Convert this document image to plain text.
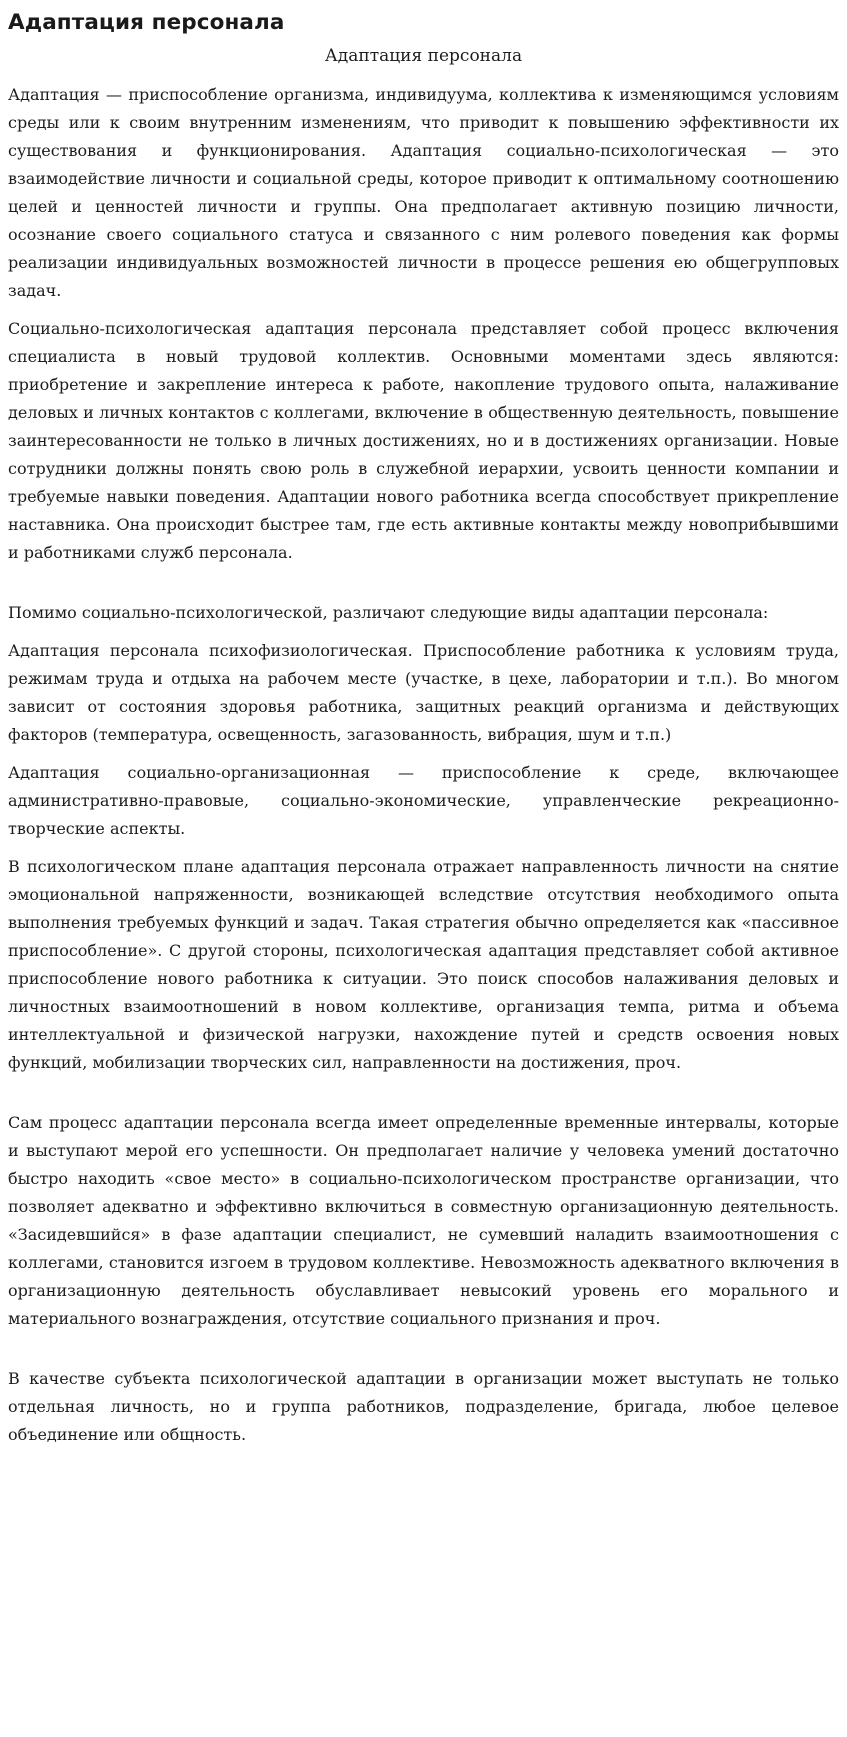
Адаптация персонала
Адаптация персонала

Адаптация — приспособление организма, индивидуума, коллектива к изменяющимся условиям среды или к своим внутренним изменениям, что приводит к повышению эффективности их существования и функционирования. Адаптация социально-психологическая — это взаимодействие личности и социальной среды, которое приводит к оптимальному соотношению целей и ценностей личности и группы. Она предполагает активную позицию личности, осознание своего социального статуса и связанного с ним ролевого поведения как формы реализации индивидуальных возможностей личности в процессе решения ею общегрупповых задач.

Социально-психологическая адаптация персонала представляет собой процесс включения специалиста в новый трудовой коллектив. Основными моментами здесь являются: приобретение и закрепление интереса к работе, накопление трудового опыта, налаживание деловых и личных контактов с коллегами, включение в общественную деятельность, повышение заинтересованности не только в личных достижениях, но и в достижениях организации. Новые сотрудники должны понять свою роль в служебной иерархии, усвоить ценности компании и требуемые навыки поведения. Адаптации нового работника всегда способствует прикрепление наставника. Она происходит быстрее там, где есть активные контакты между новоприбывшими и работниками служб персонала.

Помимо социально-психологической, различают следующие виды адаптации персонала:

Адаптация персонала психофизиологическая. Приспособление работника к условиям труда, режимам труда и отдыха на рабочем месте (участке, в цехе, лаборатории и т.п.). Во многом зависит от состояния здоровья работника, защитных реакций организма и действующих факторов (температура, освещенность, загазованность, вибрация, шум и т.п.)

Адаптация социально-организационная — приспособление к среде, включающее административно-правовые, социально-экономические, управленческие рекреационно-творческие аспекты.

В психологическом плане адаптация персонала отражает направленность личности на снятие эмоциональной напряженности, возникающей вследствие отсутствия необходимого опыта выполнения требуемых функций и задач. Такая стратегия обычно определяется как «пассивное приспособление». С другой стороны, психологическая адаптация представляет собой активное приспособление нового работника к ситуации. Это поиск способов налаживания деловых и личностных взаимоотношений в новом коллективе, организация темпа, ритма и объема интеллектуальной и физической нагрузки, нахождение путей и средств освоения новых функций, мобилизации творческих сил, направленности на достижения, проч.

Сам процесс адаптации персонала всегда имеет определенные временные интервалы, которые и выступают мерой его успешности. Он предполагает наличие у человека умений достаточно быстро находить «свое место» в социально-психологическом пространстве организации, что позволяет адекватно и эффективно включиться в совместную организационную деятельность. «Засидевшийся» в фазе адаптации специалист, не сумевший наладить взаимоотношения с коллегами, становится изгоем в трудовом коллективе. Невозможность адекватного включения в организационную деятельность обуславливает невысокий уровень его морального и материального вознаграждения, отсутствие социального признания и проч.

В качестве субъекта психологической адаптации в организации может выступать не только отдельная личность, но и группа работников, подразделение, бригада, любое целевое объединение или общность.
